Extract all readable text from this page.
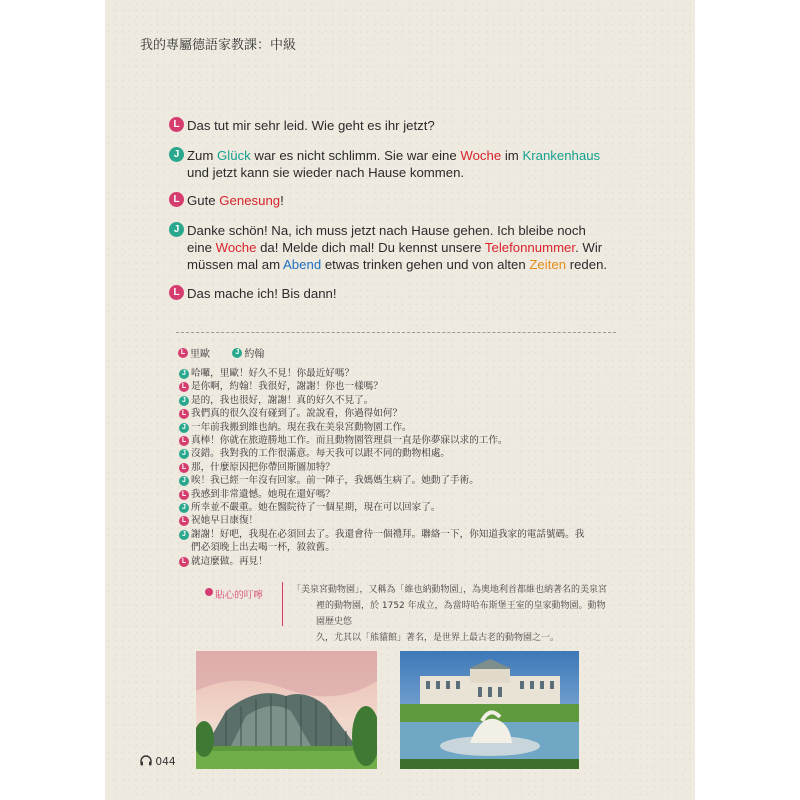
我的專屬德語家教課：中級
L Das tut mir sehr leid. Wie geht es ihr jetzt?
J Zum Glück war es nicht schlimm. Sie war eine Woche im Krankenhaus
und jetzt kann sie wieder nach Hause kommen.
L Gute Genesung!
J Danke schön! Na, ich muss jetzt nach Hause gehen. Ich bleibe noch
eine Woche da! Melde dich mal! Du kennst unsere Telefonnummer. Wir
müssen mal am Abend etwas trinken gehen und von alten Zeiten reden.
L Das mache ich! Bis dann!
L 里歐	J 約翰
J 哈囉，里歐！好久不見！你最近好嗎？
L 是你啊，約翰！我很好，謝謝！你也一樣嗎？
J 是的，我也很好，謝謝！真的好久不見了。
L 我們真的很久沒有碰到了。說說看，你過得如何？
J 一年前我搬到維也納。現在我在美泉宮動物園工作。
L 真棒！你就在旅遊勝地工作。而且動物園管理員一直是你夢寐以求的工作。
J 沒錯。我對我的工作很滿意。每天我可以跟不同的動物相處。
L 那，什麼原因把你帶回斯圖加特？
J 唉！我已經一年沒有回家。前一陣子，我媽媽生病了。她動了手術。
L 我感到非常遺憾。她現在還好嗎？
J 所幸並不嚴重。她在醫院待了一個星期，現在可以回家了。
L 祝她早日康復！
J 謝謝！好吧，我現在必須回去了。我還會待一個禮拜。聯絡一下，你知道我家的電話號碼。我
們必須晚上出去喝一杯，敘敘舊。
L 就這麼做。再見！
貼心的叮嚀	「美泉宮動物園」，又稱為「維也納動物園」，為奧地利首都維也納著名的美泉宮

裡的動物園，於 1752 年成立，為當時哈布斯堡王室的皇家動物園。動物園歷史悠

久，尤其以「熊貓館」著名，是世界上最古老的動物園之一。

044
